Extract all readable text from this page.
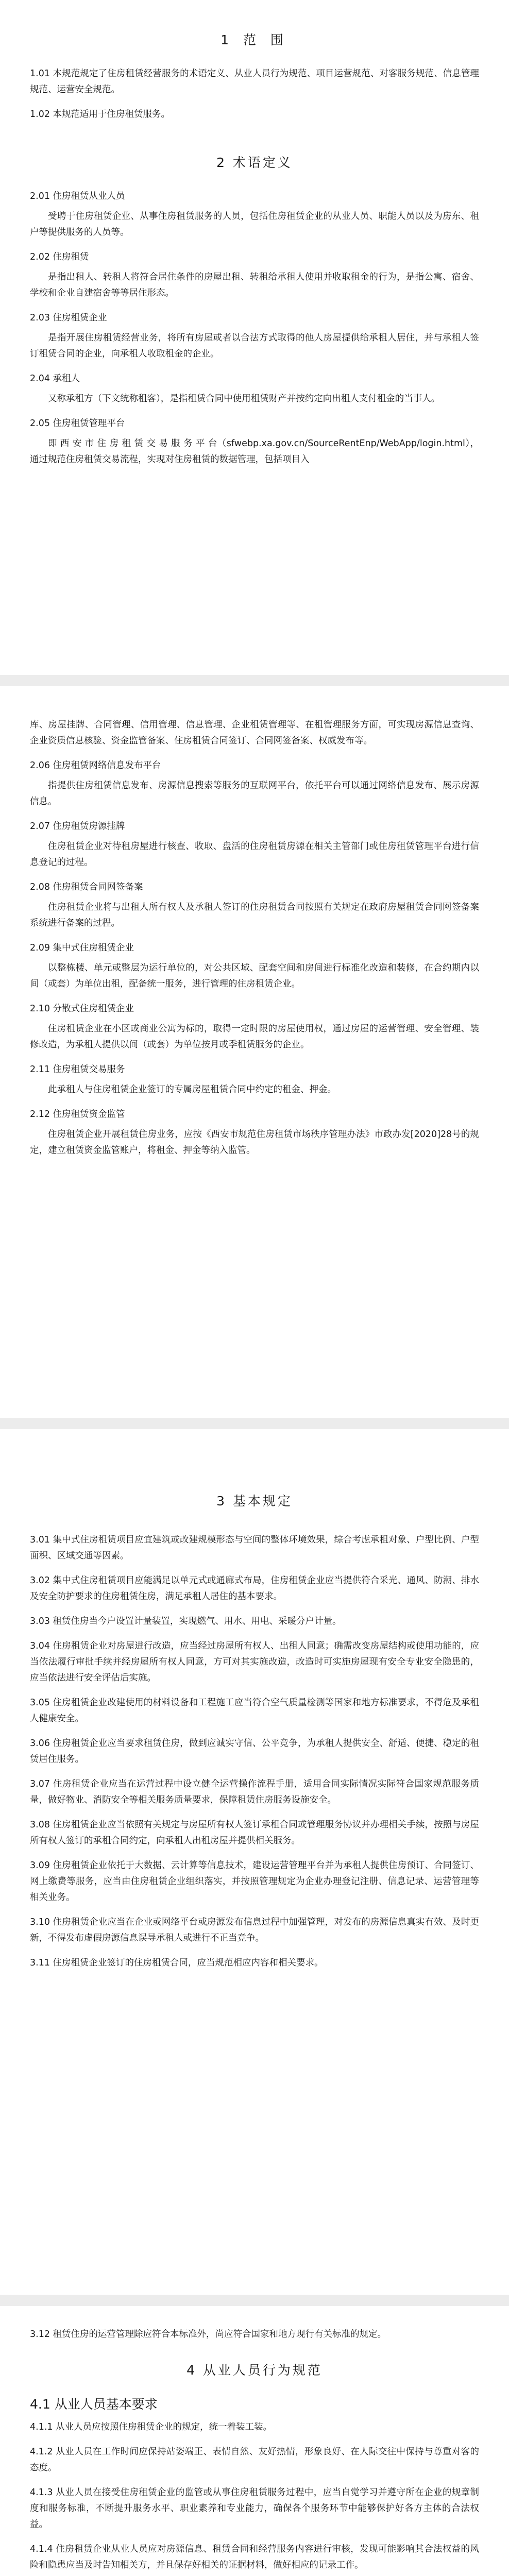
1 范 围

1.01 本规范规定了住房租赁经营服务的术语定义、从业人员行为规范、项目运营规范、对客服务规范、信息管理规范、运营安全规范。

1.02 本规范适用于住房租赁服务。

2 术语定义

2.01 住房租赁从业人员

受聘于住房租赁企业、从事住房租赁服务的人员，包括住房租赁企业的从业人员、职能人员以及为房东、租户等提供服务的人员等。

2.02 住房租赁

是指出租人、转租人将符合居住条件的房屋出租、转租给承租人使用并收取租金的行为，是指公寓、宿舍、学校和企业自建宿舍等等居住形态。

2.03 住房租赁企业

是指开展住房租赁经营业务，将所有房屋或者以合法方式取得的他人房屋提供给承租人居住，并与承租人签订租赁合同的企业，向承租人收取租金的企业。

2.04 承租人

又称承租方（下文统称租客），是指租赁合同中使用租赁财产并按约定向出租人支付租金的当事人。

2.05 住房租赁管理平台

即 西 安 市 住 房 租 赁 交 易 服 务 平 台（sfwebp.xa.gov.cn/SourceRentEnp/WebApp/login.html），通过规范住房租赁交易流程，实现对住房租赁的数据管理，包括项目入

库、房屋挂牌、合同管理、信用管理、信息管理、企业租赁管理等、在租管理服务方面，可实现房源信息查询、企业资质信息核验、资金监管备案、住房租赁合同签订、合同网签备案、权威发布等。

2.06 住房租赁网络信息发布平台

指提供住房租赁信息发布、房源信息搜索等服务的互联网平台，依托平台可以通过网络信息发布、展示房源信息。

2.07 住房租赁房源挂牌

住房租赁企业对待租房屋进行核查、收取、盘活的住房租赁房源在相关主管部门或住房租赁管理平台进行信息登记的过程。

2.08 住房租赁合同网签备案

住房租赁企业将与出租人所有权人及承租人签订的住房租赁合同按照有关规定在政府房屋租赁合同网签备案系统进行备案的过程。

2.09 集中式住房租赁企业

以整栋楼、单元或整层为运行单位的，对公共区域、配套空间和房间进行标准化改造和装修，在合约期内以间（或套）为单位出租，配备统一服务，进行管理的住房租赁企业。

2.10 分散式住房租赁企业

住房租赁企业在小区或商业公寓为标的，取得一定时限的房屋使用权，通过房屋的运营管理、安全管理、装修改造，为承租人提供以间（或套）为单位按月或季租赁服务的企业。

2.11 住房租赁交易服务

此承租人与住房租赁企业签订的专属房屋租赁合同中约定的租金、押金。

2.12 住房租赁资金监管

住房租赁企业开展租赁住房业务，应按《西安市规范住房租赁市场秩序管理办法》市政办发[2020]28号的规定，建立租赁资金监管账户，将租金、押金等纳入监管。

3 基本规定

3.01 集中式住房租赁项目应宜建筑或改建规模形态与空间的整体环境效果，综合考虑承租对象、户型比例、户型面积、区域交通等因素。

3.02 集中式住房租赁项目应能满足以单元式或通廊式布局，住房租赁企业应当提供符合采光、通风、防潮、排水及安全防护要求的住房租赁住房，满足承租人居住的基本要求。

3.03 租赁住房当今户设置计量装置，实现燃气、用水、用电、采暖分户计量。

3.04 住房租赁企业对房屋进行改造，应当经过房屋所有权人、出租人同意；确需改变房屋结构或使用功能的，应当依法履行审批手续并经房屋所有权人同意，方可对其实施改造，改造时可实施房屋现有安全专业安全隐患的，应当依法进行安全评估后实施。

3.05 住房租赁企业改建使用的材料设备和工程施工应当符合空气质量检测等国家和地方标准要求，不得危及承租人健康安全。

3.06 住房租赁企业应当要求租赁住房，做到应诚实守信、公平竞争，为承租人提供安全、舒适、便捷、稳定的租赁居住服务。

3.07 住房租赁企业应当在运营过程中设立健全运营操作流程手册，适用合同实际情况实际符合国家规范服务质量，做好物业、消防安全等相关服务质量要求，保障租赁住房服务设施安全。

3.08 住房租赁企业应当依照有关规定与房屋所有权人签订承租合同或管理服务协议并办理相关手续，按照与房屋所有权人签订的承租合同约定，向承租人出租房屋并提供相关服务。

3.09 住房租赁企业依托于大数据、云计算等信息技术，建设运营管理平台并为承租人提供住房预订、合同签订、网上缴费等服务，应当由住房租赁企业组织落实，并按照管理规定为企业办理登记注册、信息记录、运营管理等相关业务。

3.10 住房租赁企业应当在企业或网络平台或房源发布信息过程中加强管理，对发布的房源信息真实有效、及时更新，不得发布虚假房源信息误导承租人或进行不正当竞争。

3.11 住房租赁企业签订的住房租赁合同，应当规范相应内容和相关要求。

3.12 租赁住房的运营管理除应符合本标准外，尚应符合国家和地方现行有关标准的规定。

4 从业人员行为规范

4.1 从业人员基本要求

4.1.1 从业人员应按照住房租赁企业的规定，统一着装工装。

4.1.2 从业人员在工作时间应保持站姿端正、表情自然、友好热情，形象良好、在人际交往中保持与尊重对客的态度。

4.1.3 从业人员在接受住房租赁企业的监管或从事住房租赁服务过程中，应当自觉学习并遵守所在企业的规章制度和服务标准，不断提升服务水平、职业素养和专业能力，确保各个服务环节中能够保护好各方主体的合法权益。

4.1.4 住房租赁企业从业人员应对房源信息、租赁合同和经营服务内容进行审核，发现可能影响其合法权益的风险和隐患应当及时告知相关方，并且保存好相关的证据材料，做好相应的记录工作。
